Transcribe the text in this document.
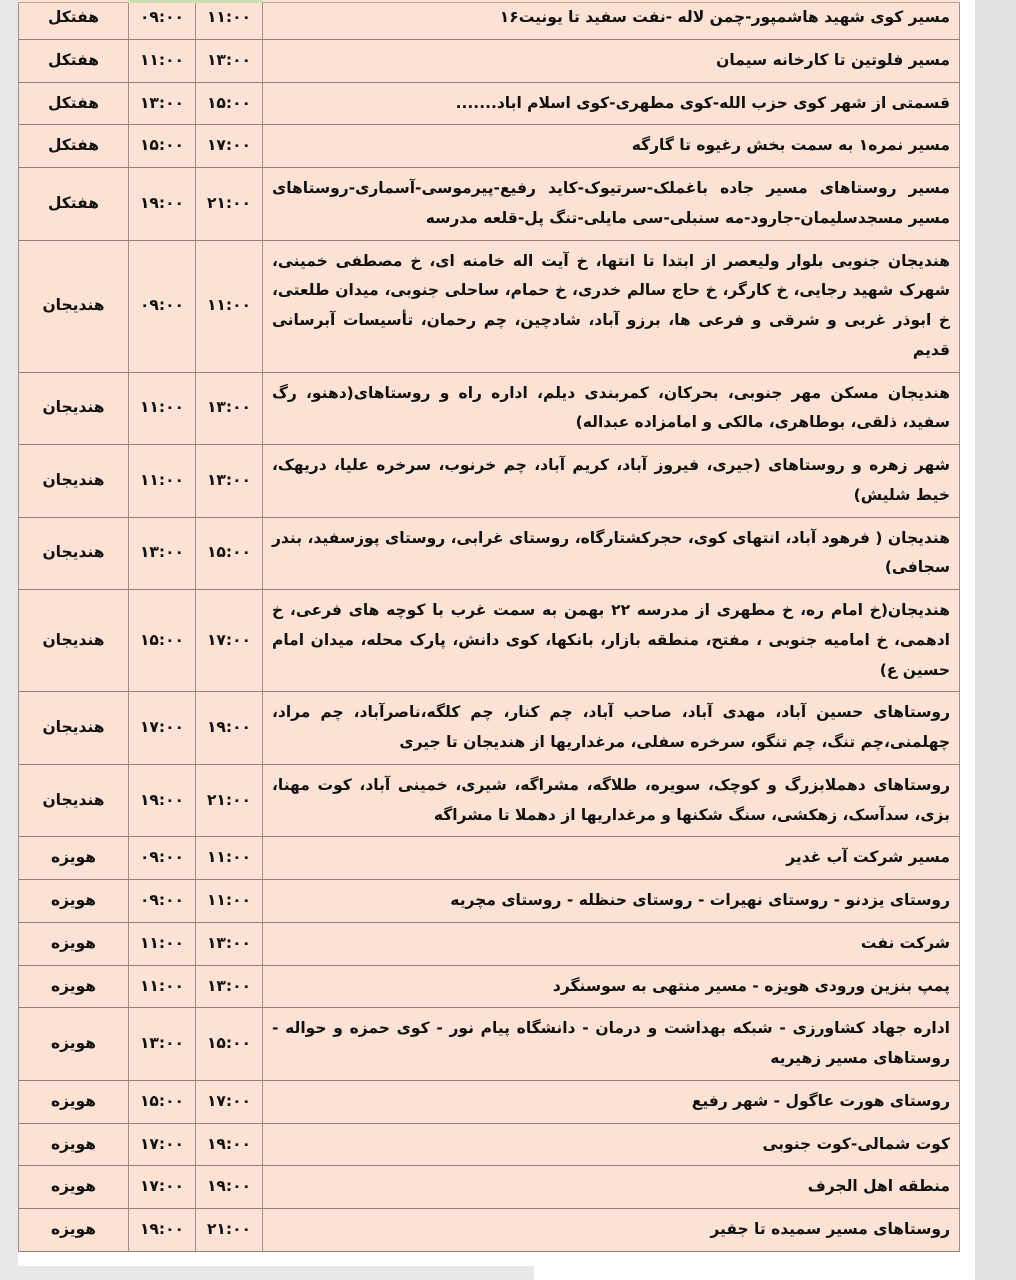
مسیر کوی شهید هاشمپور-چمن لاله -نفت سفید تا یونیت۱۶	۱۱:۰۰	۰۹:۰۰	هفتکل
مسیر فلوتین تا کارخانه سیمان	۱۳:۰۰	۱۱:۰۰	هفتکل
قسمتی از شهر کوی حزب الله-کوی مطهری-کوی اسلام اباد.......	۱۵:۰۰	۱۳:۰۰	هفتکل
مسیر نمره۱ به سمت بخش رغیوه تا گارگه	۱۷:۰۰	۱۵:۰۰	هفتکل
مسیر روستاهای مسیر جاده باغملک-سرتیوک-کاید رفیع-پیرموسی-آسماری-روستاهای مسیر مسجدسلیمان-جارود-مه سنبلی-سی مایلی-تنگ پل-قلعه مدرسه	۲۱:۰۰	۱۹:۰۰	هفتکل
هندیجان جنوبی بلوار ولیعصر از ابتدا تا انتها، خ آیت اله خامنه ای، خ مصطفی خمینی، شهرک شهید رجایی، خ کارگر، خ حاج سالم خدری، خ حمام، ساحلی جنوبی، میدان طلعتی، خ ابوذر غربی و شرقی و فرعی ها، برزو آباد، شادچین، چم رحمان، تأسیسات آبرسانی قدیم	۱۱:۰۰	۰۹:۰۰	هندیجان
هندیجان مسکن مهر جنوبی، بحرکان، کمربندی دیلم، اداره راه و روستاهای(دهنو، رگ سفید، ذلقی، بوطاهری، مالکی و امامزاده عبداله)	۱۳:۰۰	۱۱:۰۰	هندیجان
شهر زهره و روستاهای (جیری، فیروز آباد، کریم آباد، چم خرنوب، سرخره علیا، دریهک، خیط شلیش)	۱۳:۰۰	۱۱:۰۰	هندیجان
هندیجان ( فرهود آباد، انتهای کوی، حجرکشتارگاه، روستای غرابی، روستای پوزسفید، بندر سجافی)	۱۵:۰۰	۱۳:۰۰	هندیجان
هندیجان(خ امام ره، خ مطهری از مدرسه ۲۲ بهمن به سمت غرب با کوچه های فرعی، خ ادهمی، خ امامیه جنوبی ، مفتح، منطقه بازار، بانکها، کوی دانش، پارک محله، میدان امام حسین ع)	۱۷:۰۰	۱۵:۰۰	هندیجان
روستاهای حسین آباد، مهدی آباد، صاحب آباد، چم کنار، چم کلگه،ناصرآباد، چم مراد، چهلمنی،چم تنگ، چم تنگو، سرخره سفلی، مرغداریها از هندیجان تا جیری	۱۹:۰۰	۱۷:۰۰	هندیجان
روستاهای دهملابزرگ و کوچک، سویره، طلاگه، مشراگه، شیری، خمینی آباد، کوت مهنا، بزی، سدآسک، زهکشی، سنگ شکنها و مرغداریها از دهملا تا مشراگه	۲۱:۰۰	۱۹:۰۰	هندیجان
مسیر شرکت آب غدیر	۱۱:۰۰	۰۹:۰۰	هویزه
روستای یزدنو - روستای نهیرات - روستای حنظله - روستای مچریه	۱۱:۰۰	۰۹:۰۰	هویزه
شرکت نفت	۱۳:۰۰	۱۱:۰۰	هویزه
پمپ بنزین ورودی هویزه - مسیر منتهی به سوسنگرد	۱۳:۰۰	۱۱:۰۰	هویزه
اداره جهاد کشاورزی - شبکه بهداشت و درمان - دانشگاه پیام نور - کوی حمزه و حواله - روستاهای مسیر زهیریه	۱۵:۰۰	۱۳:۰۰	هویزه
روستای هورت عاگول - شهر رفیع	۱۷:۰۰	۱۵:۰۰	هویزه
کوت شمالی-کوت جنوبی	۱۹:۰۰	۱۷:۰۰	هویزه
منطقه اهل الجرف	۱۹:۰۰	۱۷:۰۰	هویزه
روستاهای مسیر سمیده تا جفیر	۲۱:۰۰	۱۹:۰۰	هویزه
